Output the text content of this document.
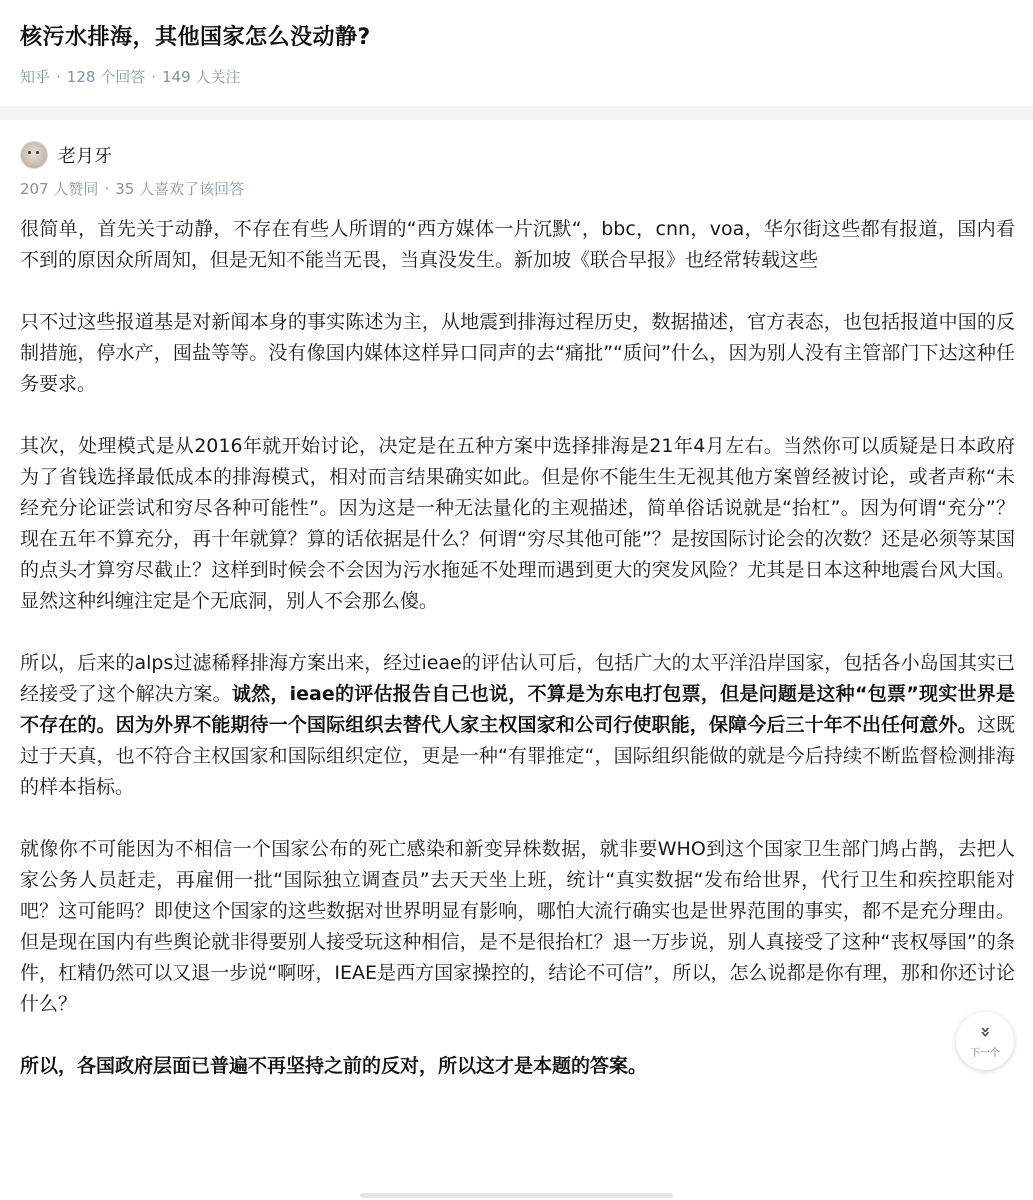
核污水排海，其他国家怎么没动静?
知乎 · 128 个回答 · 149 人关注
老月牙
207 人赞同 · 35 人喜欢了该回答

很简单，首先关于动静，不存在有些人所谓的“西方媒体一片沉默“，bbc，cnn，voa，华尔街这些都有报道，国内看不到的原因众所周知，但是无知不能当无畏，当真没发生。新加坡《联合早报》也经常转载这些

只不过这些报道基是对新闻本身的事实陈述为主，从地震到排海过程历史，数据描述，官方表态，也包括报道中国的反制措施，停水产，囤盐等等。没有像国内媒体这样异口同声的去“痛批”“质问”什么，因为别人没有主管部门下达这种任务要求。

其次，处理模式是从2016年就开始讨论，决定是在五种方案中选择排海是21年4月左右。当然你可以质疑是日本政府为了省钱选择最低成本的排海模式，相对而言结果确实如此。但是你不能生生无视其他方案曾经被讨论，或者声称“未经充分论证尝试和穷尽各种可能性”。因为这是一种无法量化的主观描述，简单俗话说就是“抬杠”。因为何谓“充分”？现在五年不算充分，再十年就算？算的话依据是什么？何谓“穷尽其他可能”？是按国际讨论会的次数？还是必须等某国的点头才算穷尽截止？这样到时候会不会因为污水拖延不处理而遇到更大的突发风险？尤其是日本这种地震台风大国。显然这种纠缠注定是个无底洞，别人不会那么傻。

所以，后来的alps过滤稀释排海方案出来，经过ieae的评估认可后，包括广大的太平洋沿岸国家，包括各小岛国其实已经接受了这个解决方案。诚然，ieae的评估报告自己也说，不算是为东电打包票，但是问题是这种“包票”现实世界是不存在的。因为外界不能期待一个国际组织去替代人家主权国家和公司行使职能，保障今后三十年不出任何意外。这既过于天真，也不符合主权国家和国际组织定位，更是一种“有罪推定“，国际组织能做的就是今后持续不断监督检测排海的样本指标。

就像你不可能因为不相信一个国家公布的死亡感染和新变异株数据，就非要WHO到这个国家卫生部门鸠占鹊，去把人家公务人员赶走，再雇佣一批“国际独立调查员”去天天坐上班，统计“真实数据“发布给世界，代行卫生和疾控职能对吧？这可能吗？即使这个国家的这些数据对世界明显有影响，哪怕大流行确实也是世界范围的事实，都不是充分理由。但是现在国内有些舆论就非得要别人接受玩这种相信，是不是很抬杠？退一万步说，别人真接受了这种“丧权辱国”的条件，杠精仍然可以又退一步说“啊呀，IEAE是西方国家操控的，结论不可信”，所以，怎么说都是你有理，那和你还讨论什么？

所以，各国政府层面已普遍不再坚持之前的反对，所以这才是本题的答案。

»
下一个
